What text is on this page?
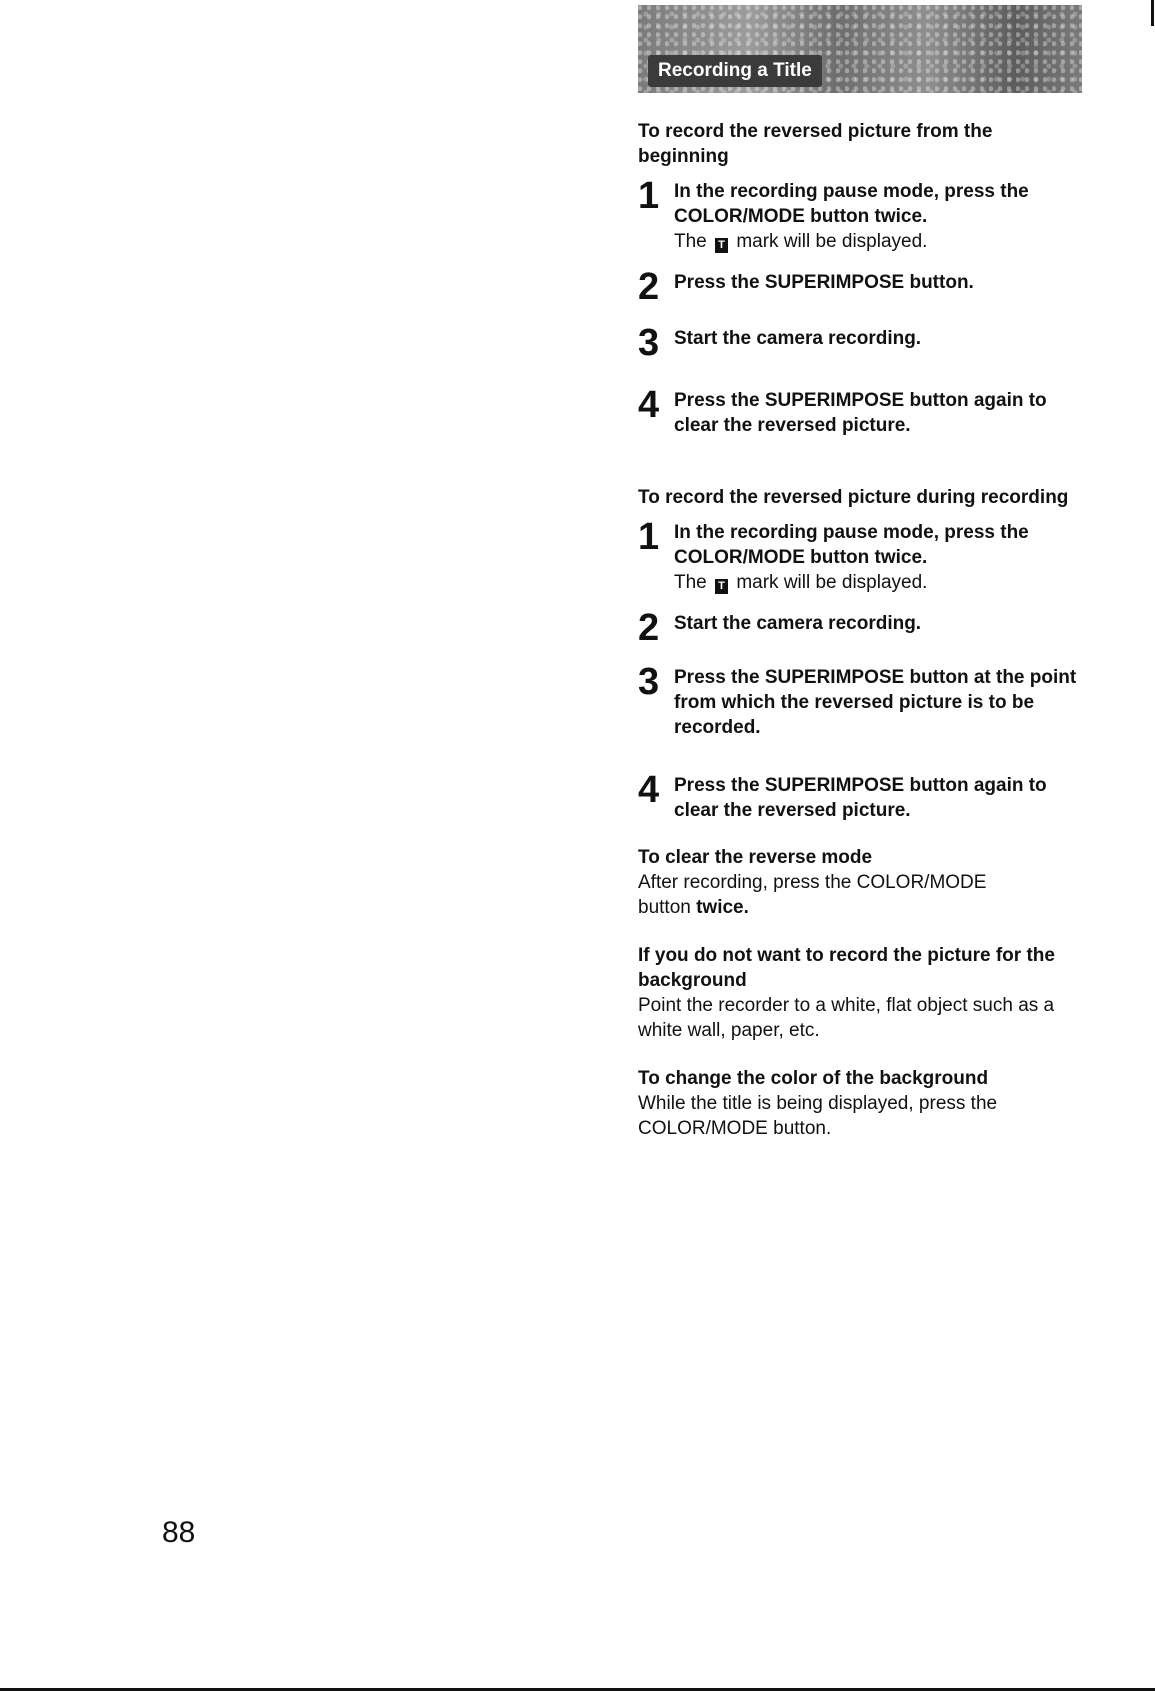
Recording a Title

To record the reversed picture from the beginning

1 In the recording pause mode, press the COLOR/MODE button twice.

The T mark will be displayed.

2 Press the SUPERIMPOSE button.

3 Start the camera recording.

4 Press the SUPERIMPOSE button again to clear the reversed picture.

To record the reversed picture during recording

1 In the recording pause mode, press the COLOR/MODE button twice.

The T mark will be displayed.

2 Start the camera recording.

3 Press the SUPERIMPOSE button at the point from which the reversed picture is to be recorded.

4 Press the SUPERIMPOSE button again to clear the reversed picture.

To clear the reverse mode

After recording, press the COLOR/MODE button twice.

If you do not want to record the picture for the background

Point the recorder to a white, flat object such as a white wall, paper, etc.

To change the color of the background

While the title is being displayed, press the COLOR/MODE button.

88
